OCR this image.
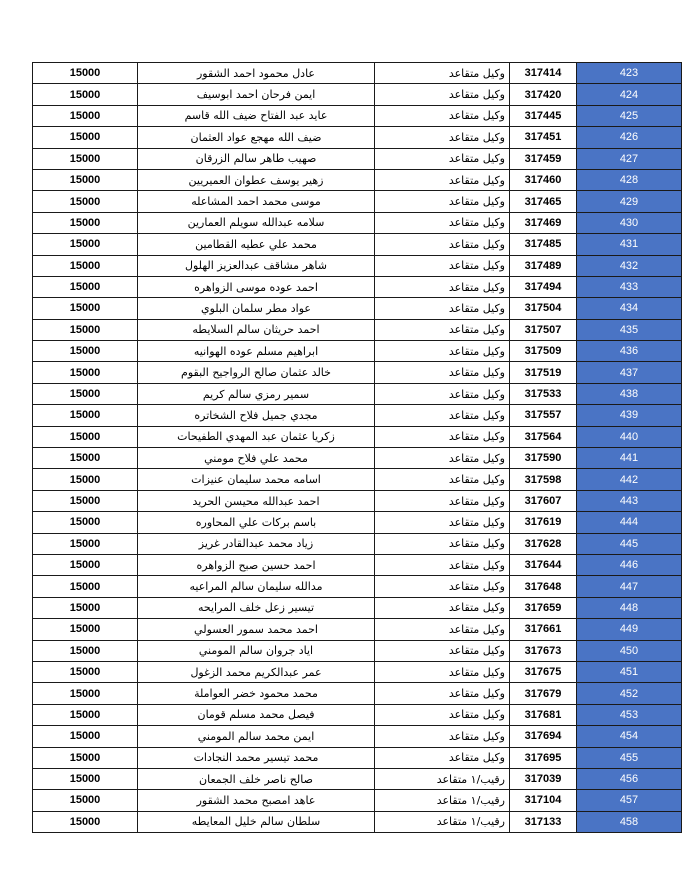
15000	عادل محمود احمد الشقور	وكيل متقاعد	317414	423
15000	ايمن فرحان احمد ابوسيف	وكيل متقاعد	317420	424
15000	عايد عبد الفتاح ضيف الله قاسم	وكيل متقاعد	317445	425
15000	ضيف الله مهجع عواد العثمان	وكيل متقاعد	317451	426
15000	صهيب طاهر سالم الزرقان	وكيل متقاعد	317459	427
15000	زهير يوسف عطوان العميريين	وكيل متقاعد	317460	428
15000	موسى محمد احمد المشاعله	وكيل متقاعد	317465	429
15000	سلامه عبدالله سويلم العمارين	وكيل متقاعد	317469	430
15000	محمد علي عطيه القطامين	وكيل متقاعد	317485	431
15000	شاهر مشاقف عبدالعزيز الهلول	وكيل متقاعد	317489	432
15000	احمد عوده موسى الزواهره	وكيل متقاعد	317494	433
15000	عواد مطر سلمان البلوي	وكيل متقاعد	317504	434
15000	احمد حريثان سالم السلايطه	وكيل متقاعد	317507	435
15000	ابراهيم مسلم عوده الهوانيه	وكيل متقاعد	317509	436
15000	خالد عثمان صالح الرواجيح البقوم	وكيل متقاعد	317519	437
15000	سمير رمزي سالم كريم	وكيل متقاعد	317533	438
15000	مجدي جميل فلاح الشخاتره	وكيل متقاعد	317557	439
15000	زكريا عثمان عبد المهدي الطفيحات	وكيل متقاعد	317564	440
15000	محمد علي فلاح مومني	وكيل متقاعد	317590	441
15000	اسامه محمد سليمان عنيزات	وكيل متقاعد	317598	442
15000	احمد عبدالله محيسن الحريد	وكيل متقاعد	317607	443
15000	باسم بركات علي المحاوره	وكيل متقاعد	317619	444
15000	زياد محمد عبدالقادر غريز	وكيل متقاعد	317628	445
15000	احمد حسين صبح الزواهره	وكيل متقاعد	317644	446
15000	مدالله سليمان سالم المراعيه	وكيل متقاعد	317648	447
15000	تيسير زعل خلف المرايحه	وكيل متقاعد	317659	448
15000	احمد محمد سمور العسولي	وكيل متقاعد	317661	449
15000	اياد جروان سالم المومني	وكيل متقاعد	317673	450
15000	عمر عبدالكريم محمد الزغول	وكيل متقاعد	317675	451
15000	محمد محمود خضر العواملة	وكيل متقاعد	317679	452
15000	فيصل محمد مسلم قومان	وكيل متقاعد	317681	453
15000	ايمن محمد سالم المومني	وكيل متقاعد	317694	454
15000	محمد تيسير محمد النجادات	وكيل متقاعد	317695	455
15000	صالح ناصر خلف الجمعان	رقيب/١ متقاعد	317039	456
15000	عاهد امصبح محمد الشقور	رقيب/١ متقاعد	317104	457
15000	سلطان سالم خليل المعايطه	رقيب/١ متقاعد	317133	458
